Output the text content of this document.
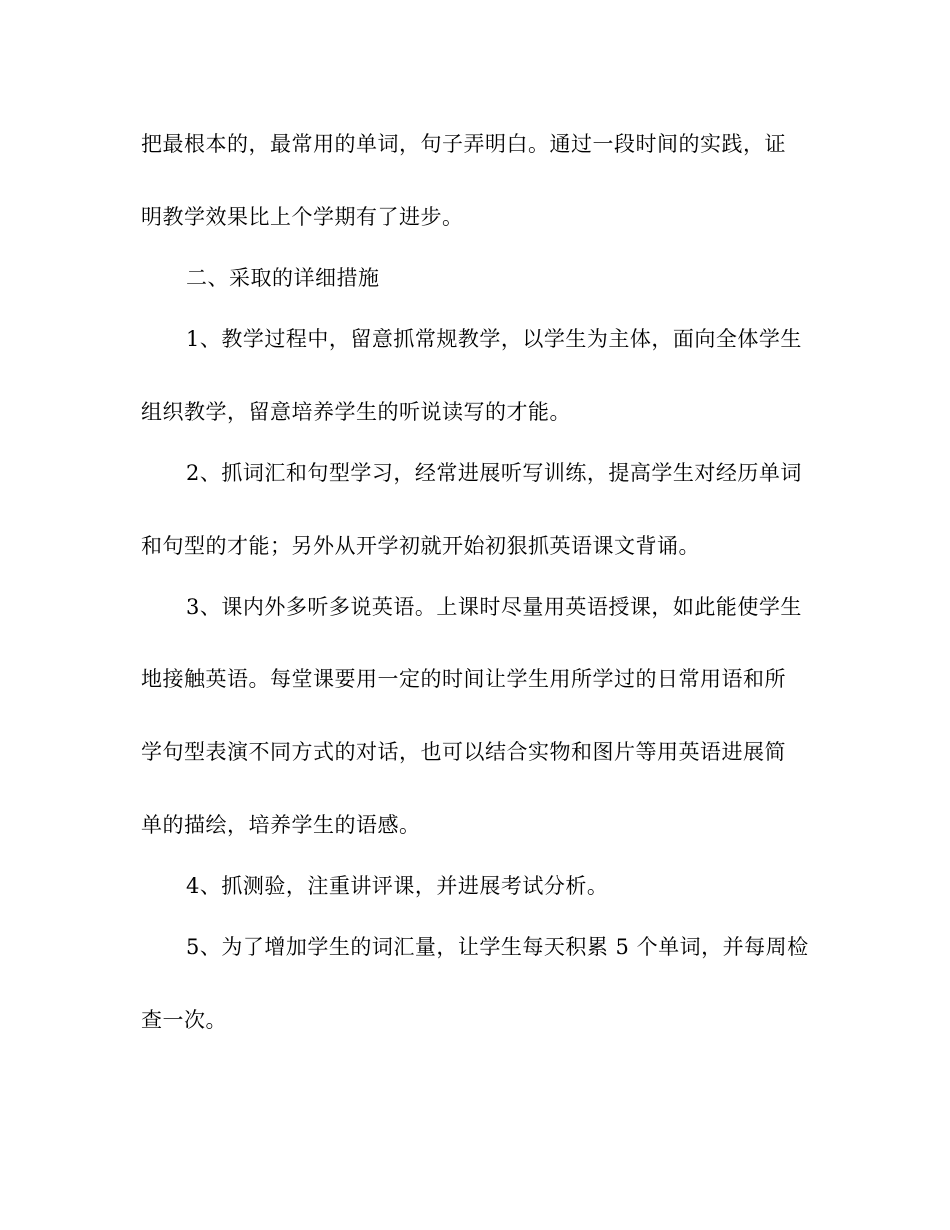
把最根本的，最常用的单词，句子弄明白。通过一段时间的实践，证
明教学效果比上个学期有了进步。
二、采取的详细措施
1、教学过程中，留意抓常规教学，以学生为主体，面向全体学生
组织教学，留意培养学生的听说读写的才能。
2、抓词汇和句型学习，经常进展听写训练，提高学生对经历单词
和句型的才能；另外从开学初就开始初狠抓英语课文背诵。
3、课内外多听多说英语。上课时尽量用英语授课，如此能使学生
地接触英语。每堂课要用一定的时间让学生用所学过的日常用语和所
学句型表演不同方式的对话，也可以结合实物和图片等用英语进展简
单的描绘，培养学生的语感。
4、抓测验，注重讲评课，并进展考试分析。
5、为了增加学生的词汇量，让学生每天积累 5 个单词，并每周检
查一次。
